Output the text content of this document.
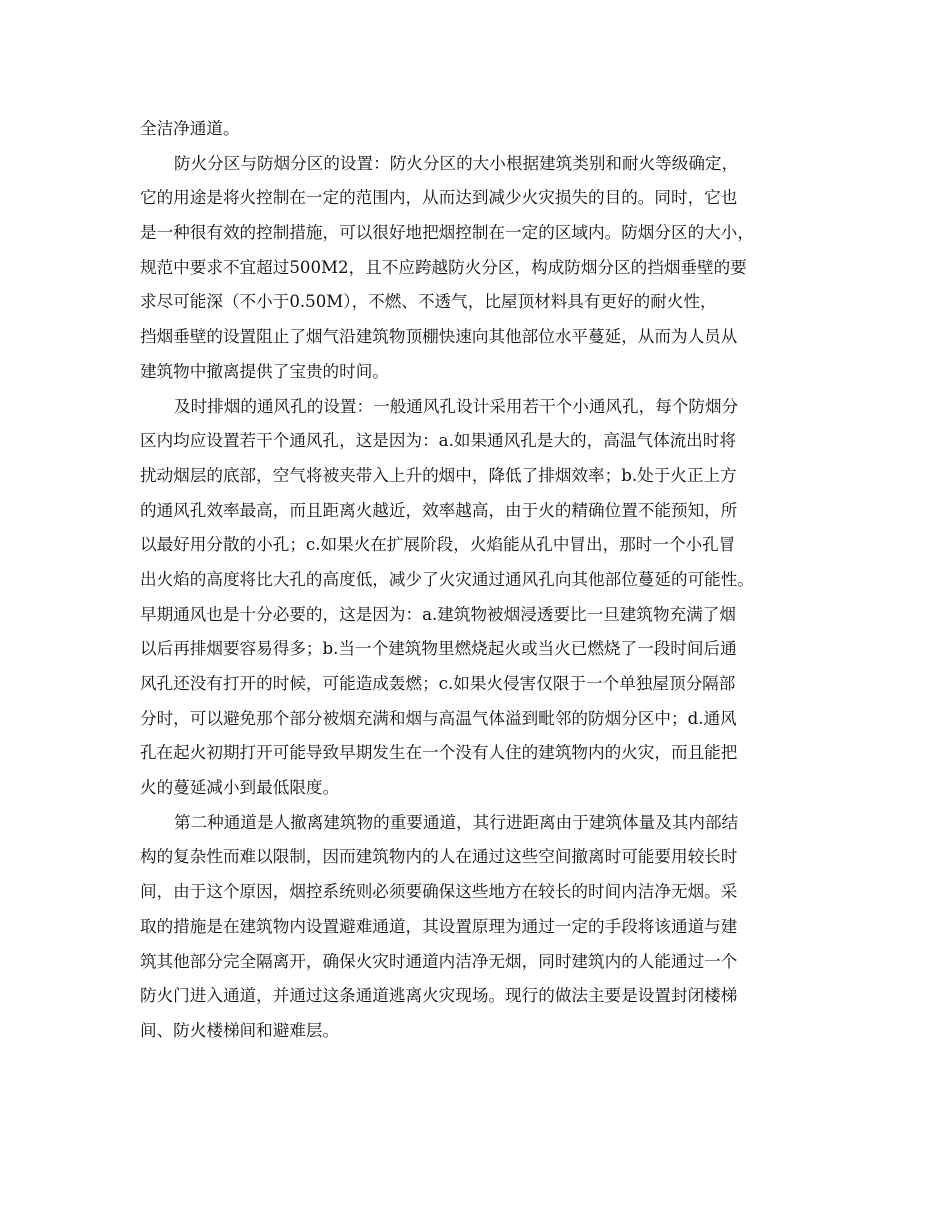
全洁净通道。
防火分区与防烟分区的设置：防火分区的大小根据建筑类别和耐火等级确定，
它的用途是将火控制在一定的范围内，从而达到减少火灾损失的目的。同时，它也
是一种很有效的控制措施，可以很好地把烟控制在一定的区域内。防烟分区的大小，
规范中要求不宜超过500M2，且不应跨越防火分区，构成防烟分区的挡烟垂壁的要
求尽可能深（不小于0.50M），不燃、不透气，比屋顶材料具有更好的耐火性，
挡烟垂壁的设置阻止了烟气沿建筑物顶棚快速向其他部位水平蔓延，从而为人员从
建筑物中撤离提供了宝贵的时间。
及时排烟的通风孔的设置：一般通风孔设计采用若干个小通风孔，每个防烟分
区内均应设置若干个通风孔，这是因为：a.如果通风孔是大的，高温气体流出时将
扰动烟层的底部，空气将被夹带入上升的烟中，降低了排烟效率；b.处于火正上方
的通风孔效率最高，而且距离火越近，效率越高，由于火的精确位置不能预知，所
以最好用分散的小孔；c.如果火在扩展阶段，火焰能从孔中冒出，那时一个小孔冒
出火焰的高度将比大孔的高度低，减少了火灾通过通风孔向其他部位蔓延的可能性。
早期通风也是十分必要的，这是因为：a.建筑物被烟浸透要比一旦建筑物充满了烟
以后再排烟要容易得多；b.当一个建筑物里燃烧起火或当火已燃烧了一段时间后通
风孔还没有打开的时候，可能造成轰燃；c.如果火侵害仅限于一个单独屋顶分隔部
分时，可以避免那个部分被烟充满和烟与高温气体溢到毗邻的防烟分区中；d.通风
孔在起火初期打开可能导致早期发生在一个没有人住的建筑物内的火灾，而且能把
火的蔓延减小到最低限度。
第二种通道是人撤离建筑物的重要通道，其行进距离由于建筑体量及其内部结
构的复杂性而难以限制，因而建筑物内的人在通过这些空间撤离时可能要用较长时
间，由于这个原因，烟控系统则必须要确保这些地方在较长的时间内洁净无烟。采
取的措施是在建筑物内设置避难通道，其设置原理为通过一定的手段将该通道与建
筑其他部分完全隔离开，确保火灾时通道内洁净无烟，同时建筑内的人能通过一个
防火门进入通道，并通过这条通道逃离火灾现场。现行的做法主要是设置封闭楼梯
间、防火楼梯间和避难层。
